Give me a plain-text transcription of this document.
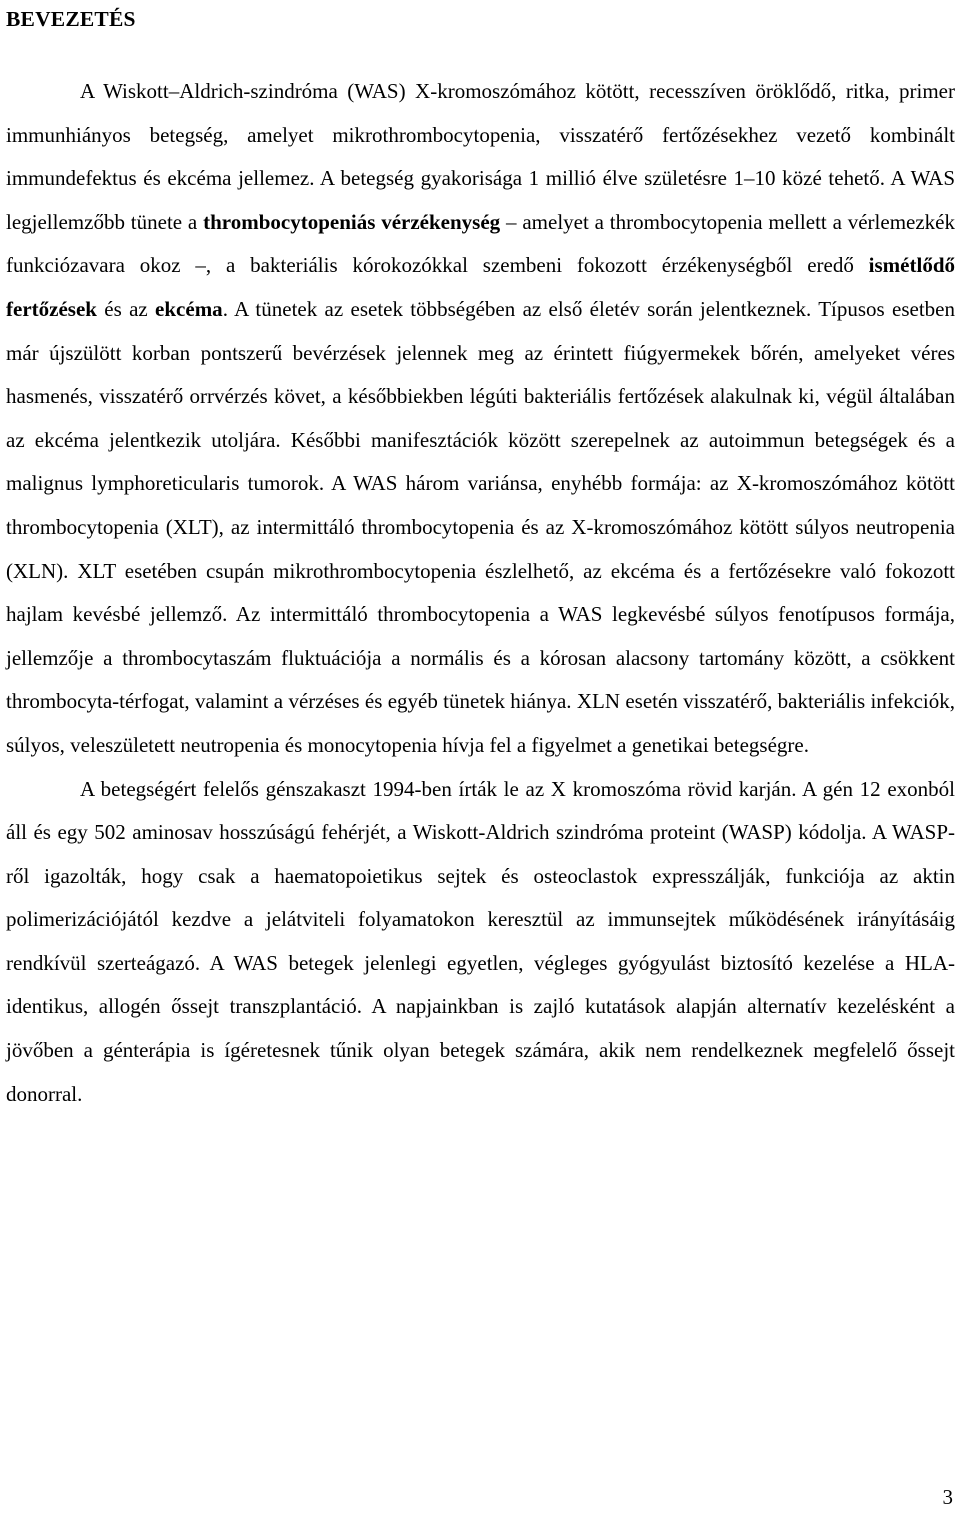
BEVEZETÉS

A Wiskott–Aldrich-szindróma (WAS) X-kromoszómához kötött, recesszíven öröklődő, ritka, primer immunhiányos betegség, amelyet mikrothrombocytopenia, visszatérő fertőzésekhez vezető kombinált immundefektus és ekcéma jellemez. A betegség gyakorisága 1 millió élve születésre 1–10 közé tehető. A WAS legjellemzőbb tünete a thrombocytopeniás vérzékenység – amelyet a thrombocytopenia mellett a vérlemezkék funkciózavara okoz –, a bakteriális kórokozókkal szembeni fokozott érzékenységből eredő ismétlődő fertőzések és az ekcéma. A tünetek az esetek többségében az első életév során jelentkeznek. Típusos esetben már újszülött korban pontszerű bevérzések jelennek meg az érintett fiúgyermekek bőrén, amelyeket véres hasmenés, visszatérő orrvérzés követ, a későbbiekben légúti bakteriális fertőzések alakulnak ki, végül általában az ekcéma jelentkezik utoljára. Későbbi manifesztációk között szerepelnek az autoimmun betegségek és a malignus lymphoreticularis tumorok. A WAS három variánsa, enyhébb formája: az X-kromoszómához kötött thrombocytopenia (XLT), az intermittáló thrombocytopenia és az X-kromoszómához kötött súlyos neutropenia (XLN). XLT esetében csupán mikrothrombocytopenia észlelhető, az ekcéma és a fertőzésekre való fokozott hajlam kevésbé jellemző. Az intermittáló thrombocytopenia a WAS legkevésbé súlyos fenotípusos formája, jellemzője a thrombocytaszám fluktuációja a normális és a kórosan alacsony tartomány között, a csökkent thrombocyta-térfogat, valamint a vérzéses és egyéb tünetek hiánya. XLN esetén visszatérő, bakteriális infekciók, súlyos, veleszületett neutropenia és monocytopenia hívja fel a figyelmet a genetikai betegségre.

A betegségért felelős génszakaszt 1994-ben írták le az X kromoszóma rövid karján. A gén 12 exonból áll és egy 502 aminosav hosszúságú fehérjét, a Wiskott-Aldrich szindróma proteint (WASP) kódolja. A WASP-ről igazolták, hogy csak a haematopoietikus sejtek és osteoclastok expresszálják, funkciója az aktin polimerizációjától kezdve a jelátviteli folyamatokon keresztül az immunsejtek működésének irányításáig rendkívül szerteágazó. A WAS betegek jelenlegi egyetlen, végleges gyógyulást biztosító kezelése a HLA-identikus, allogén őssejt transzplantáció. A napjainkban is zajló kutatások alapján alternatív kezelésként a jövőben a génterápia is ígéretesnek tűnik olyan betegek számára, akik nem rendelkeznek megfelelő őssejt donorral.

3
